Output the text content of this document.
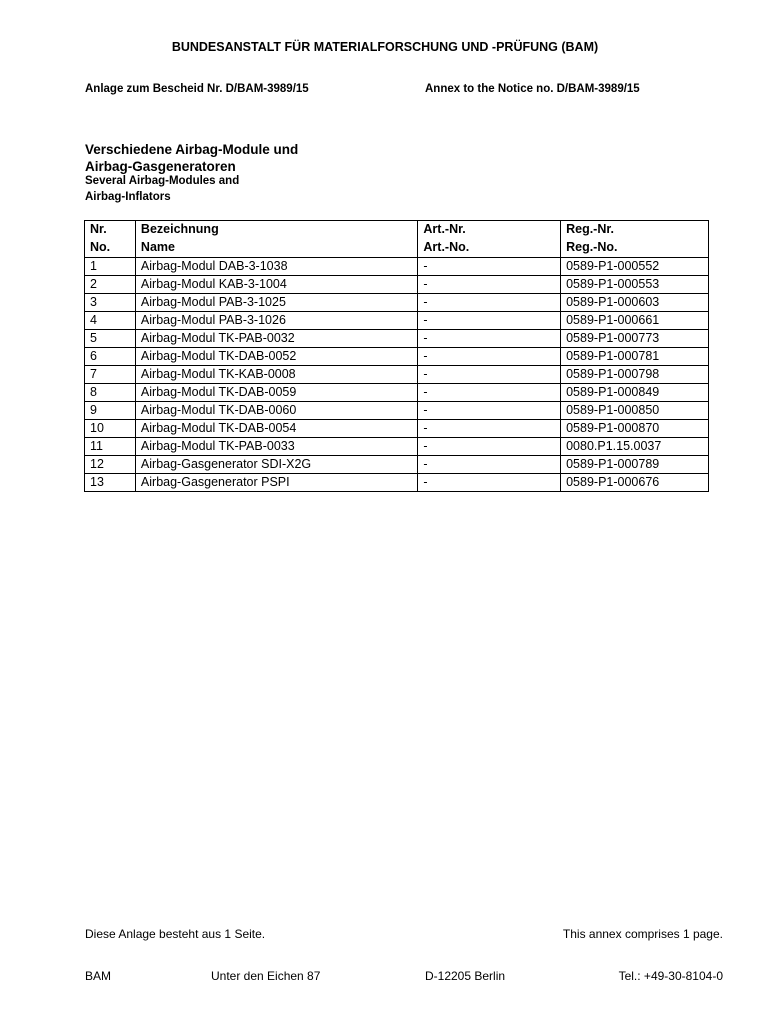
BUNDESANSTALT FÜR MATERIALFORSCHUNG UND -PRÜFUNG (BAM)
Anlage zum Bescheid Nr. D/BAM-3989/15	Annex to the Notice no. D/BAM-3989/15
Verschiedene Airbag-Module und
Airbag-Gasgeneratoren
Several Airbag-Modules and
Airbag-Inflators
Nr.	Bezeichnung	Art.-Nr.	Reg.-Nr.
No.	Name	Art.-No.	Reg.-No.
1	Airbag-Modul DAB-3-1038	-	0589-P1-000552
2	Airbag-Modul KAB-3-1004	-	0589-P1-000553
3	Airbag-Modul PAB-3-1025	-	0589-P1-000603
4	Airbag-Modul PAB-3-1026	-	0589-P1-000661
5	Airbag-Modul TK-PAB-0032	-	0589-P1-000773
6	Airbag-Modul TK-DAB-0052	-	0589-P1-000781
7	Airbag-Modul TK-KAB-0008	-	0589-P1-000798
8	Airbag-Modul TK-DAB-0059	-	0589-P1-000849
9	Airbag-Modul TK-DAB-0060	-	0589-P1-000850
10	Airbag-Modul TK-DAB-0054	-	0589-P1-000870
11	Airbag-Modul TK-PAB-0033	-	0080.P1.15.0037
12	Airbag-Gasgenerator SDI-X2G	-	0589-P1-000789
13	Airbag-Gasgenerator PSPI	-	0589-P1-000676
Diese Anlage besteht aus 1 Seite.	This annex comprises 1 page.
BAM	Unter den Eichen 87	D-12205 Berlin	Tel.: +49-30-8104-0
